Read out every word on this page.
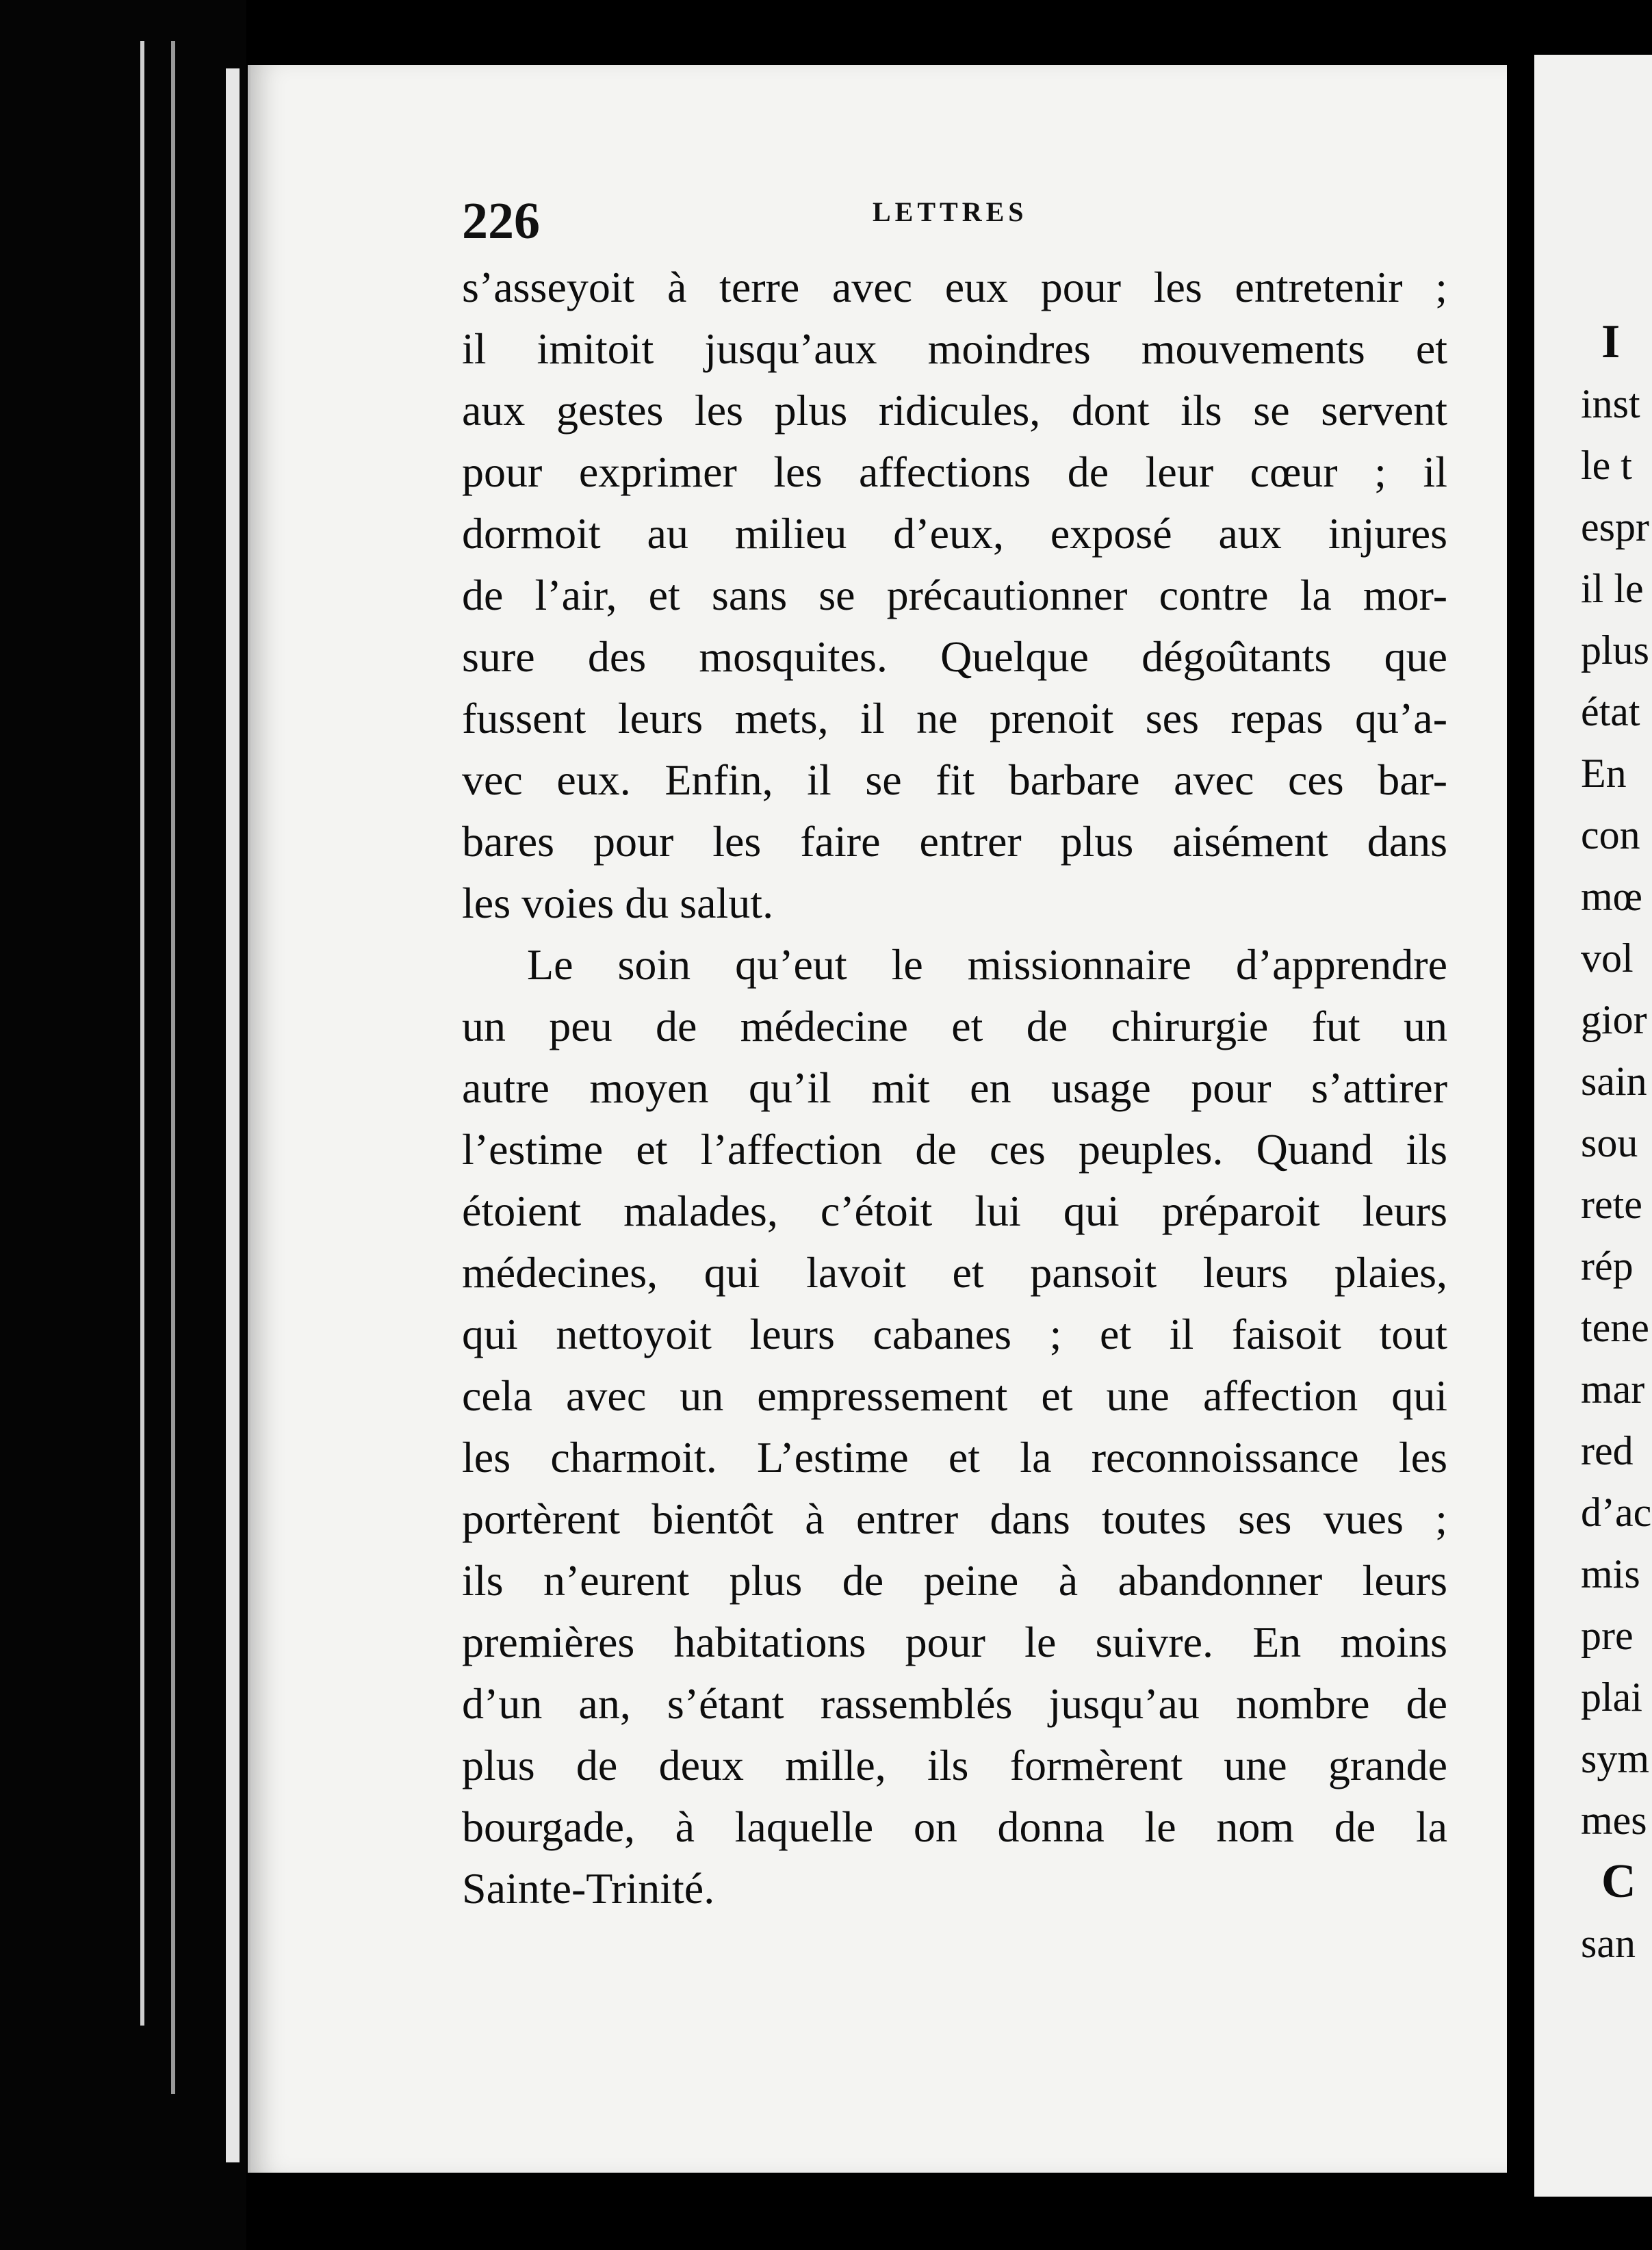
I
inst
le t
espr
il le
plus
état
En
con
mœ
vol
gior
sain
sou
rete
rép
tene
mar
red
d’ac
mis
pre
plai
sym
mes
C
san
226	LETTRES
s’asseyoit à terre avec eux pour les entretenir ;
il imitoit jusqu’aux moindres mouvements et
aux gestes les plus ridicules, dont ils se servent
pour exprimer les affections de leur cœur ; il
dormoit au milieu d’eux, exposé aux injures
de l’air, et sans se précautionner contre la mor-
sure des mosquites. Quelque dégoûtants que
fussent leurs mets, il ne prenoit ses repas qu’a-
vec eux. Enfin, il se fit barbare avec ces bar-
bares pour les faire entrer plus aisément dans
les voies du salut.
Le soin qu’eut le missionnaire d’apprendre
un peu de médecine et de chirurgie fut un
autre moyen qu’il mit en usage pour s’attirer
l’estime et l’affection de ces peuples. Quand ils
étoient malades, c’étoit lui qui préparoit leurs
médecines, qui lavoit et pansoit leurs plaies,
qui nettoyoit leurs cabanes ; et il faisoit tout
cela avec un empressement et une affection qui
les charmoit. L’estime et la reconnoissance les
portèrent bientôt à entrer dans toutes ses vues ;
ils n’eurent plus de peine à abandonner leurs
premières habitations pour le suivre. En moins
d’un an, s’étant rassemblés jusqu’au nombre de
plus de deux mille, ils formèrent une grande
bourgade, à laquelle on donna le nom de la
Sainte-Trinité.
